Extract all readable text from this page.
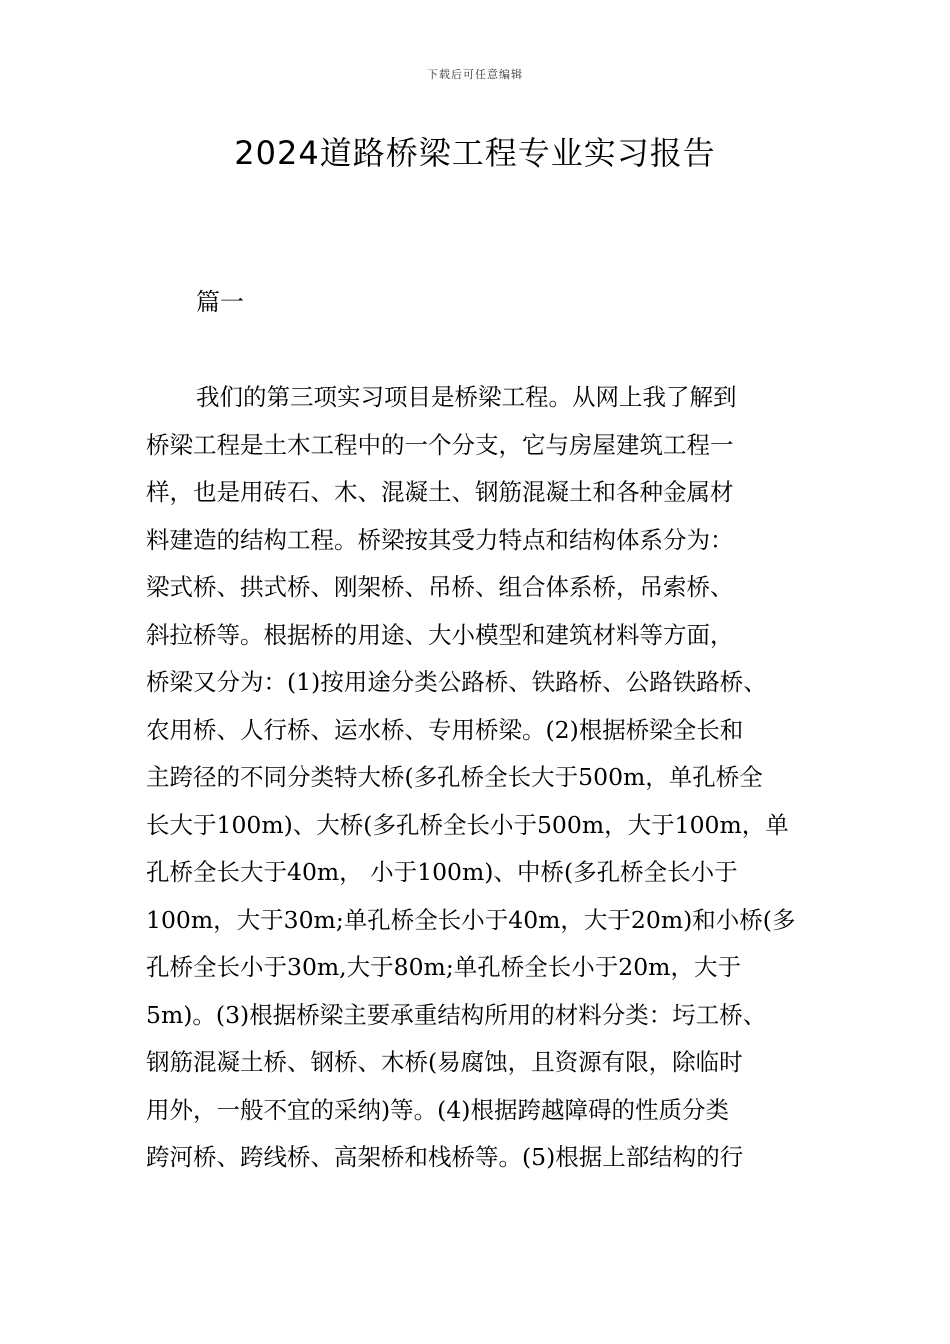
下载后可任意编辑
2024道路桥梁工程专业实习报告

篇一

我们的第三项实习项目是桥梁工程。从网上我了解到
桥梁工程是土木工程中的一个分支，它与房屋建筑工程一
样，也是用砖石、木、混凝土、钢筋混凝土和各种金属材
料建造的结构工程。桥梁按其受力特点和结构体系分为：
梁式桥、拱式桥、刚架桥、吊桥、组合体系桥，吊索桥、
斜拉桥等。根据桥的用途、大小模型和建筑材料等方面，
桥梁又分为：(1)按用途分类公路桥、铁路桥、公路铁路桥、
农用桥、人行桥、运水桥、专用桥梁。(2)根据桥梁全长和
主跨径的不同分类特大桥(多孔桥全长大于500m，单孔桥全
长大于100m)、大桥(多孔桥全长小于500m，大于100m，单
孔桥全长大于40m， 小于100m)、中桥(多孔桥全长小于
100m，大于30m;单孔桥全长小于40m，大于20m)和小桥(多
孔桥全长小于30m,大于80m;单孔桥全长小于20m，大于
5m)。(3)根据桥梁主要承重结构所用的材料分类：圬工桥、
钢筋混凝土桥、钢桥、木桥(易腐蚀，且资源有限，除临时
用外，一般不宜的采纳)等。(4)根据跨越障碍的性质分类
跨河桥、跨线桥、高架桥和栈桥等。(5)根据上部结构的行
